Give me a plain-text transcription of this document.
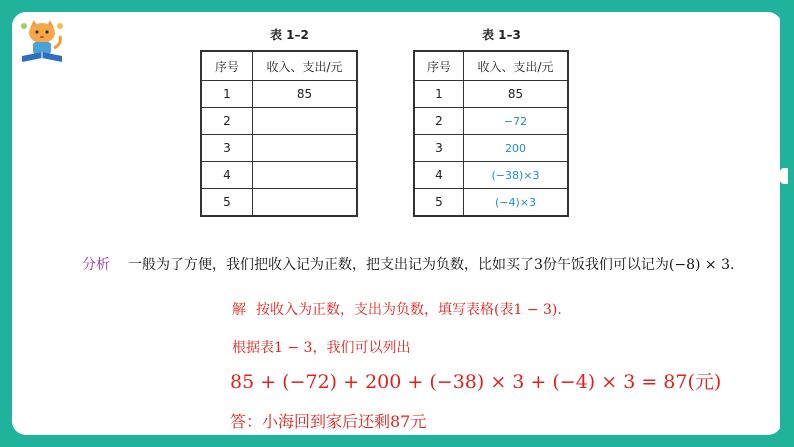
表 1–2
序号	收入、支出/元
1	85
2	
3	
4	
5	
表 1–3
序号	收入、支出/元
1	85
2	−72
3	200
4	(−38)×3
5	(−4)×3
分析 一般为了方便，我们把收入记为正数，把支出记为负数，比如买了3份午饭我们可以记为(−8) × 3.
解 按收入为正数，支出为负数，填写表格(表1 − 3).
根据表1 − 3，我们可以列出
85 + (−72) + 200 + (−38) × 3 + (−4) × 3 = 87(元)
答：小海回到家后还剩87元
